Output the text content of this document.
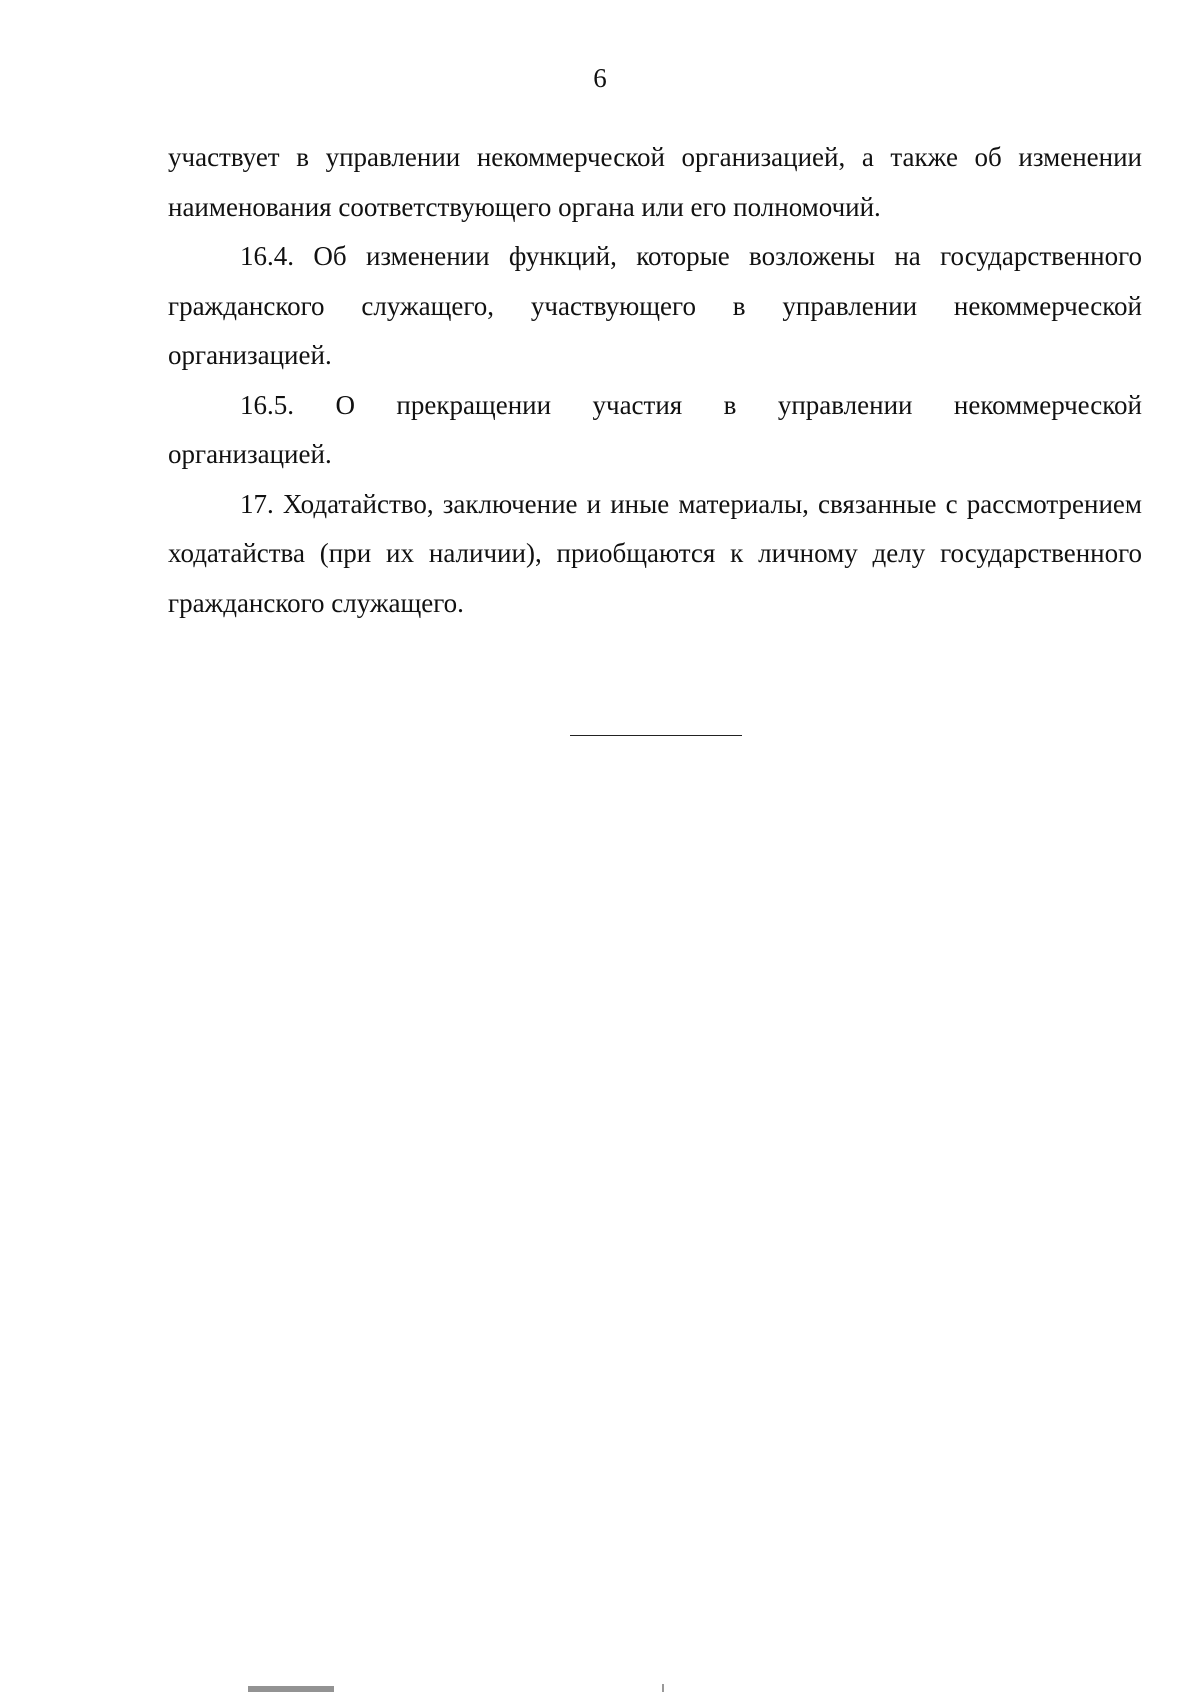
6

участвует в управлении некоммерческой организацией, а также об изменении наименования соответствующего органа или его полномочий.

16.4. Об изменении функций, которые возложены на государственного гражданского служащего, участвующего в управлении некоммерческой организацией.

16.5. О прекращении участия в управлении некоммерческой организацией.

17. Ходатайство, заключение и иные материалы, связанные с рассмотрением ходатайства (при их наличии), приобщаются к личному делу государственного гражданского служащего.
